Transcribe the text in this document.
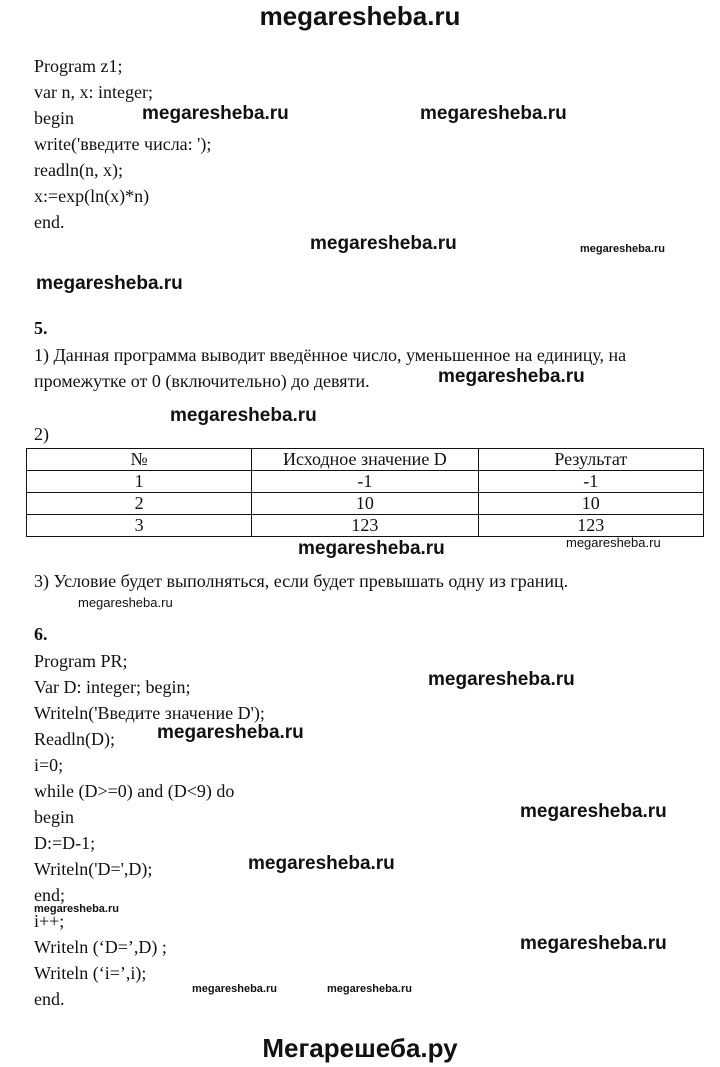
megaresheba.ru
Program z1;
var n, x: integer;
begin
write('введите числа: ');
readln(n, x);
x:=exp(ln(x)*n)
end.
5.
1) Данная программа выводит введённое число, уменьшенное на единицу, на
промежутке от 0 (включительно) до девяти.
2)
№	Исходное значение D	Результат
1	-1	-1
2	10	10
3	123	123
3) Условие будет выполняться, если будет превышать одну из границ.
6.
Program PR;
Var D: integer; begin;
Writeln('Введите значение D');
Readln(D);
i=0;
while (D>=0) and (D<9) do
begin
D:=D-1;
Writeln('D=',D);
end;
i++;
Writeln (‘D=’,D) ;
Writeln (‘i=’,i);
end.
megaresheba.ru	megaresheba.ru
megaresheba.ru	megaresheba.ru
megaresheba.ru
megaresheba.ru
megaresheba.ru
megaresheba.ru	megaresheba.ru
megaresheba.ru
megaresheba.ru
megaresheba.ru
megaresheba.ru
megaresheba.ru
megaresheba.ru
megaresheba.ru
megaresheba.ru	megaresheba.ru
Мегарешеба.ру
